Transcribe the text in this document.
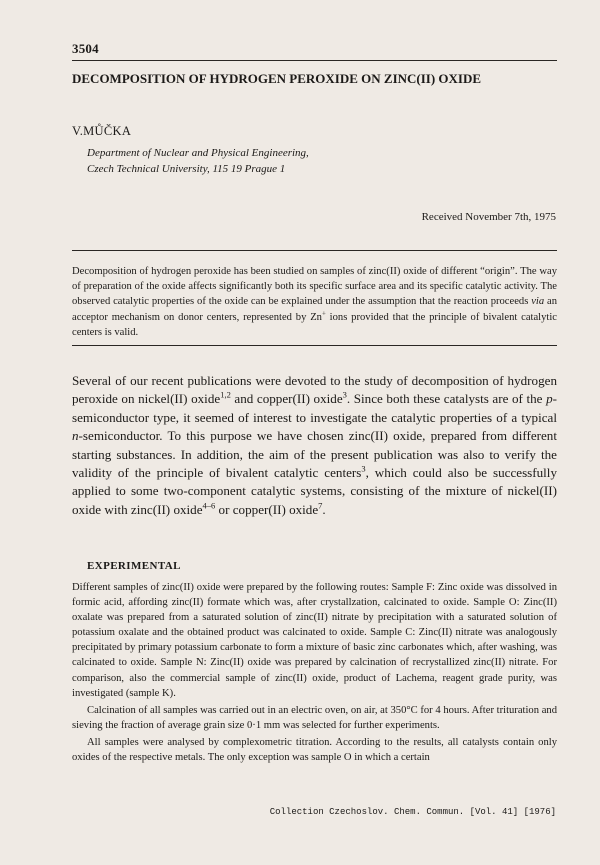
3504
DECOMPOSITION OF HYDROGEN PEROXIDE ON ZINC(II) OXIDE
V.MŮČKA
Department of Nuclear and Physical Engineering,
Czech Technical University, 115 19 Prague 1
Received November 7th, 1975

Decomposition of hydrogen peroxide has been studied on samples of zinc(II) oxide of different “origin”. The way of preparation of the oxide affects significantly both its specific surface area and its specific catalytic activity. The observed catalytic properties of the oxide can be explained under the assumption that the reaction proceeds via an acceptor mechanism on donor centers, represented by Zn+ ions provided that the principle of bivalent catalytic centers is valid.

Several of our recent publications were devoted to the study of decomposition of hydrogen peroxide on nickel(II) oxide$^{1,2}$ and copper(II) oxide$^3$. Since both these catalysts are of the p-semiconductor type, it seemed of interest to investigate the catalytic properties of a typical n-semiconductor. To this purpose we have chosen zinc(II) oxide, prepared from different starting substances. In addition, the aim of the present publication was also to verify the validity of the principle of bivalent catalytic centers$^3$, which could also be successfully applied to some two-component catalytic systems, consisting of the mixture of nickel(II) oxide with zinc(II) oxide$^{4-6}$ or copper(II) oxide$^7$.

EXPERIMENTAL

Different samples of zinc(II) oxide were prepared by the following routes: Sample F: Zinc oxide was dissolved in formic acid, affording zinc(II) formate which was, after crystallzation, calcinated to oxide. Sample O: Zinc(II) oxalate was prepared from a saturated solution of zinc(II) nitrate by precipitation with a saturated solution of potassium oxalate and the obtained product was calcinated to oxide. Sample C: Zinc(II) nitrate was analogously precipitated by primary potassium carbonate to form a mixture of basic zinc carbonates which, after washing, was calcinated to oxide. Sample N: Zinc(II) oxide was prepared by calcination of recrystallized zinc(II) nitrate. For comparison, also the commercial sample of zinc(II) oxide, product of Lachema, reagent grade purity, was investigated (sample K).

Calcination of all samples was carried out in an electric oven, on air, at 350°C for 4 hours. After trituration and sieving the fraction of average grain size 0·1 mm was selected for further experiments.

All samples were analysed by complexometric titration. According to the results, all catalysts contain only oxides of the respective metals. The only exception was sample O in which a certain

Collection Czechoslov. Chem. Commun. [Vol. 41] [1976]
